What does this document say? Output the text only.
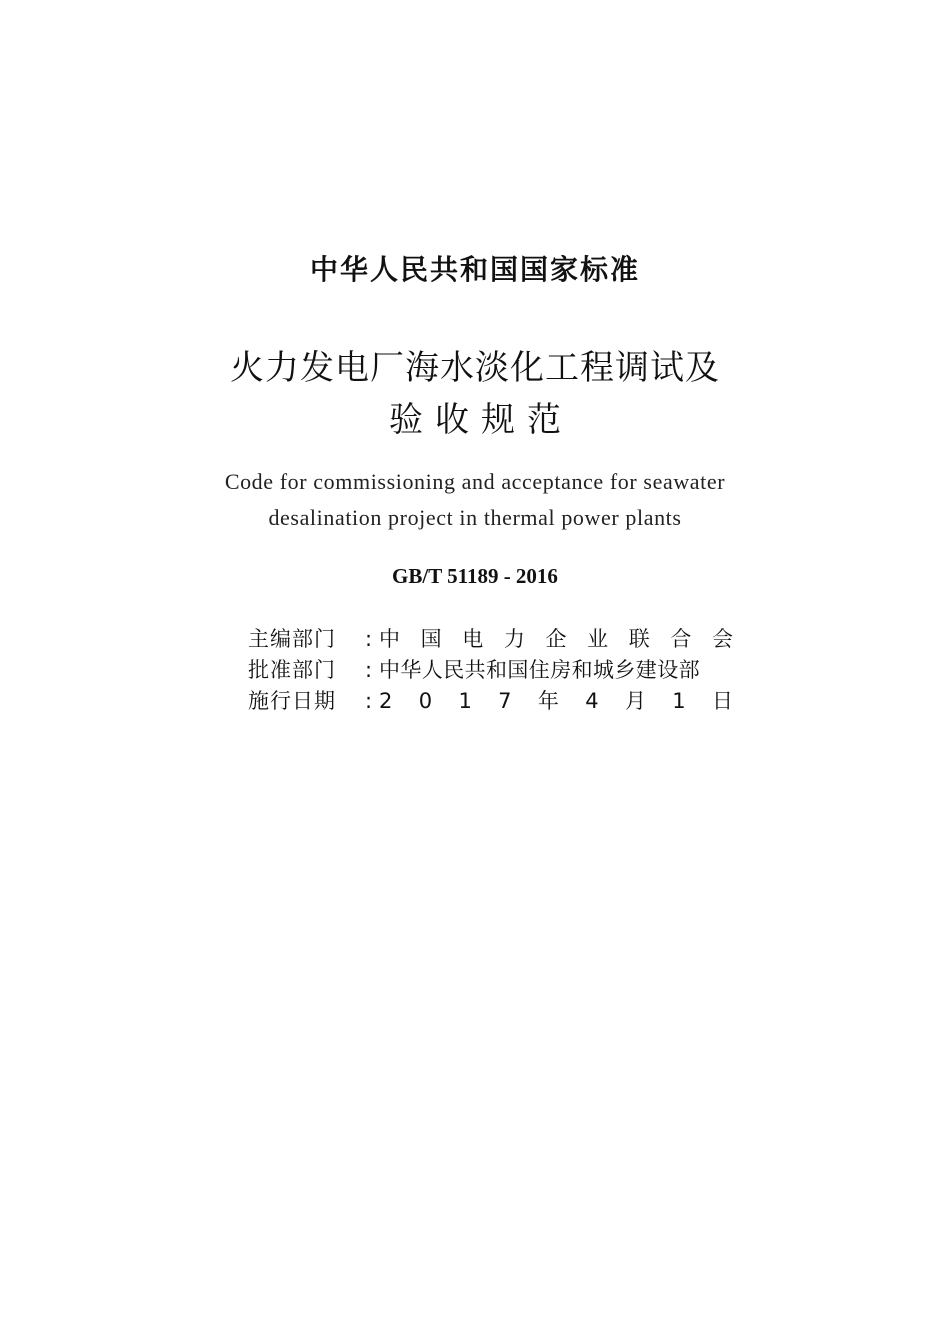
中华人民共和国国家标准
火力发电厂海水淡化工程调试及
验收规范
Code for commissioning and acceptance for seawater
desalination project in thermal power plants
GB/T 51189 - 2016
主编部门	: 中 国 电 力 企 业 联 合 会
批准部门	: 中华人民共和国住房和城乡建设部
施行日期	: 2 0 1 7 年 4 月 1 日
